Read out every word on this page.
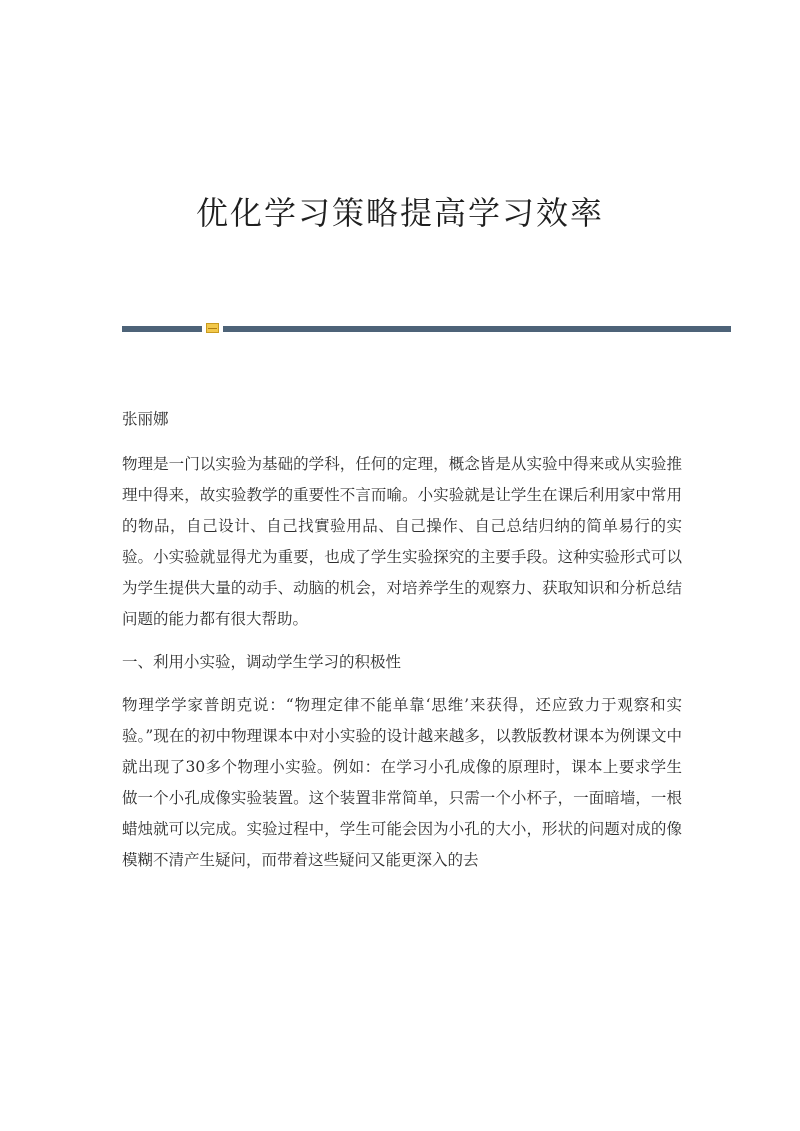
优化学习策略提高学习效率

张丽娜

物理是一门以实验为基础的学科，任何的定理，概念皆是从实验中得来或从实验推理中得来，故实验教学的重要性不言而喻。小实验就是让学生在课后利用家中常用的物品，自己设计、自己找實验用品、自己操作、自己总结归纳的简单易行的实验。小实验就显得尤为重要，也成了学生实验探究的主要手段。这种实验形式可以为学生提供大量的动手、动脑的机会，对培养学生的观察力、获取知识和分析总结问题的能力都有很大帮助。

一、利用小实验，调动学生学习的积极性

物理学学家普朗克说：“物理定律不能单靠‘思维’来获得，还应致力于观察和实验。”现在的初中物理课本中对小实验的设计越来越多，以教版教材课本为例课文中就出现了30多个物理小实验。例如：在学习小孔成像的原理时，课本上要求学生做一个小孔成像实验装置。这个装置非常简单，只需一个小杯子，一面暗墙，一根蜡烛就可以完成。实验过程中，学生可能会因为小孔的大小，形状的问题对成的像模糊不清产生疑问，而带着这些疑问又能更深入的去
